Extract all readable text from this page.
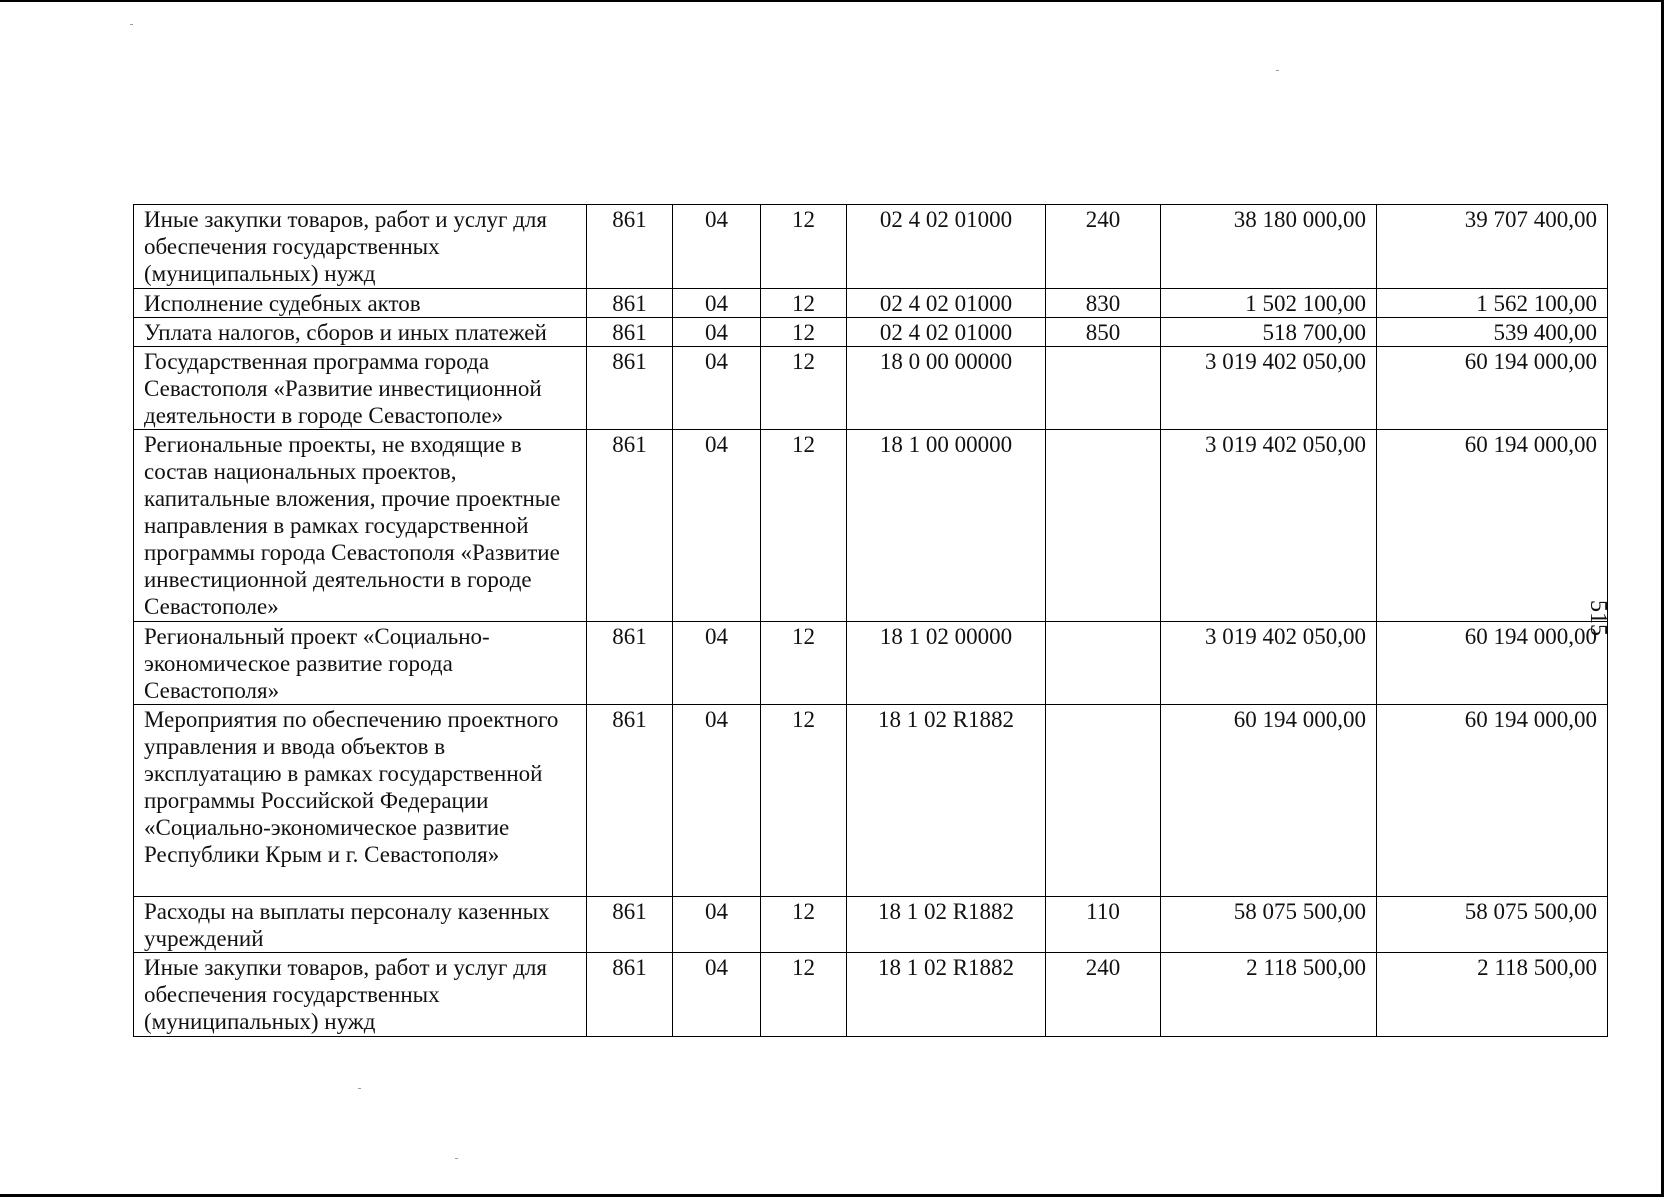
Иные закупки товаров, работ и услуг для обеспечения государственных (муниципальных) нужд	861	04	12	02 4 02 01000	240	38 180 000,00	39 707 400,00
Исполнение судебных актов	861	04	12	02 4 02 01000	830	1 502 100,00	1 562 100,00
Уплата налогов, сборов и иных платежей	861	04	12	02 4 02 01000	850	518 700,00	539 400,00
Государственная программа города Севастополя «Развитие инвестиционной деятельности в городе Севастополе»	861	04	12	18 0 00 00000		3 019 402 050,00	60 194 000,00
Региональные проекты, не входящие в состав национальных проектов, капитальные вложения, прочие проектные направления в рамках государственной программы города Севастополя «Развитие инвестиционной деятельности в городе Севастополе»	861	04	12	18 1 00 00000		3 019 402 050,00	60 194 000,00
Региональный проект «Социально-экономическое развитие города Севастополя»	861	04	12	18 1 02 00000		3 019 402 050,00	60 194 000,00
Мероприятия по обеспечению проектного управления и ввода объектов в эксплуатацию в рамках государственной программы Российской Федерации «Социально-экономическое развитие Республики Крым и г. Севастополя»	861	04	12	18 1 02 R1882		60 194 000,00	60 194 000,00
Расходы на выплаты персоналу казенных учреждений	861	04	12	18 1 02 R1882	110	58 075 500,00	58 075 500,00
Иные закупки товаров, работ и услуг для обеспечения государственных (муниципальных) нужд	861	04	12	18 1 02 R1882	240	2 118 500,00	2 118 500,00
515
